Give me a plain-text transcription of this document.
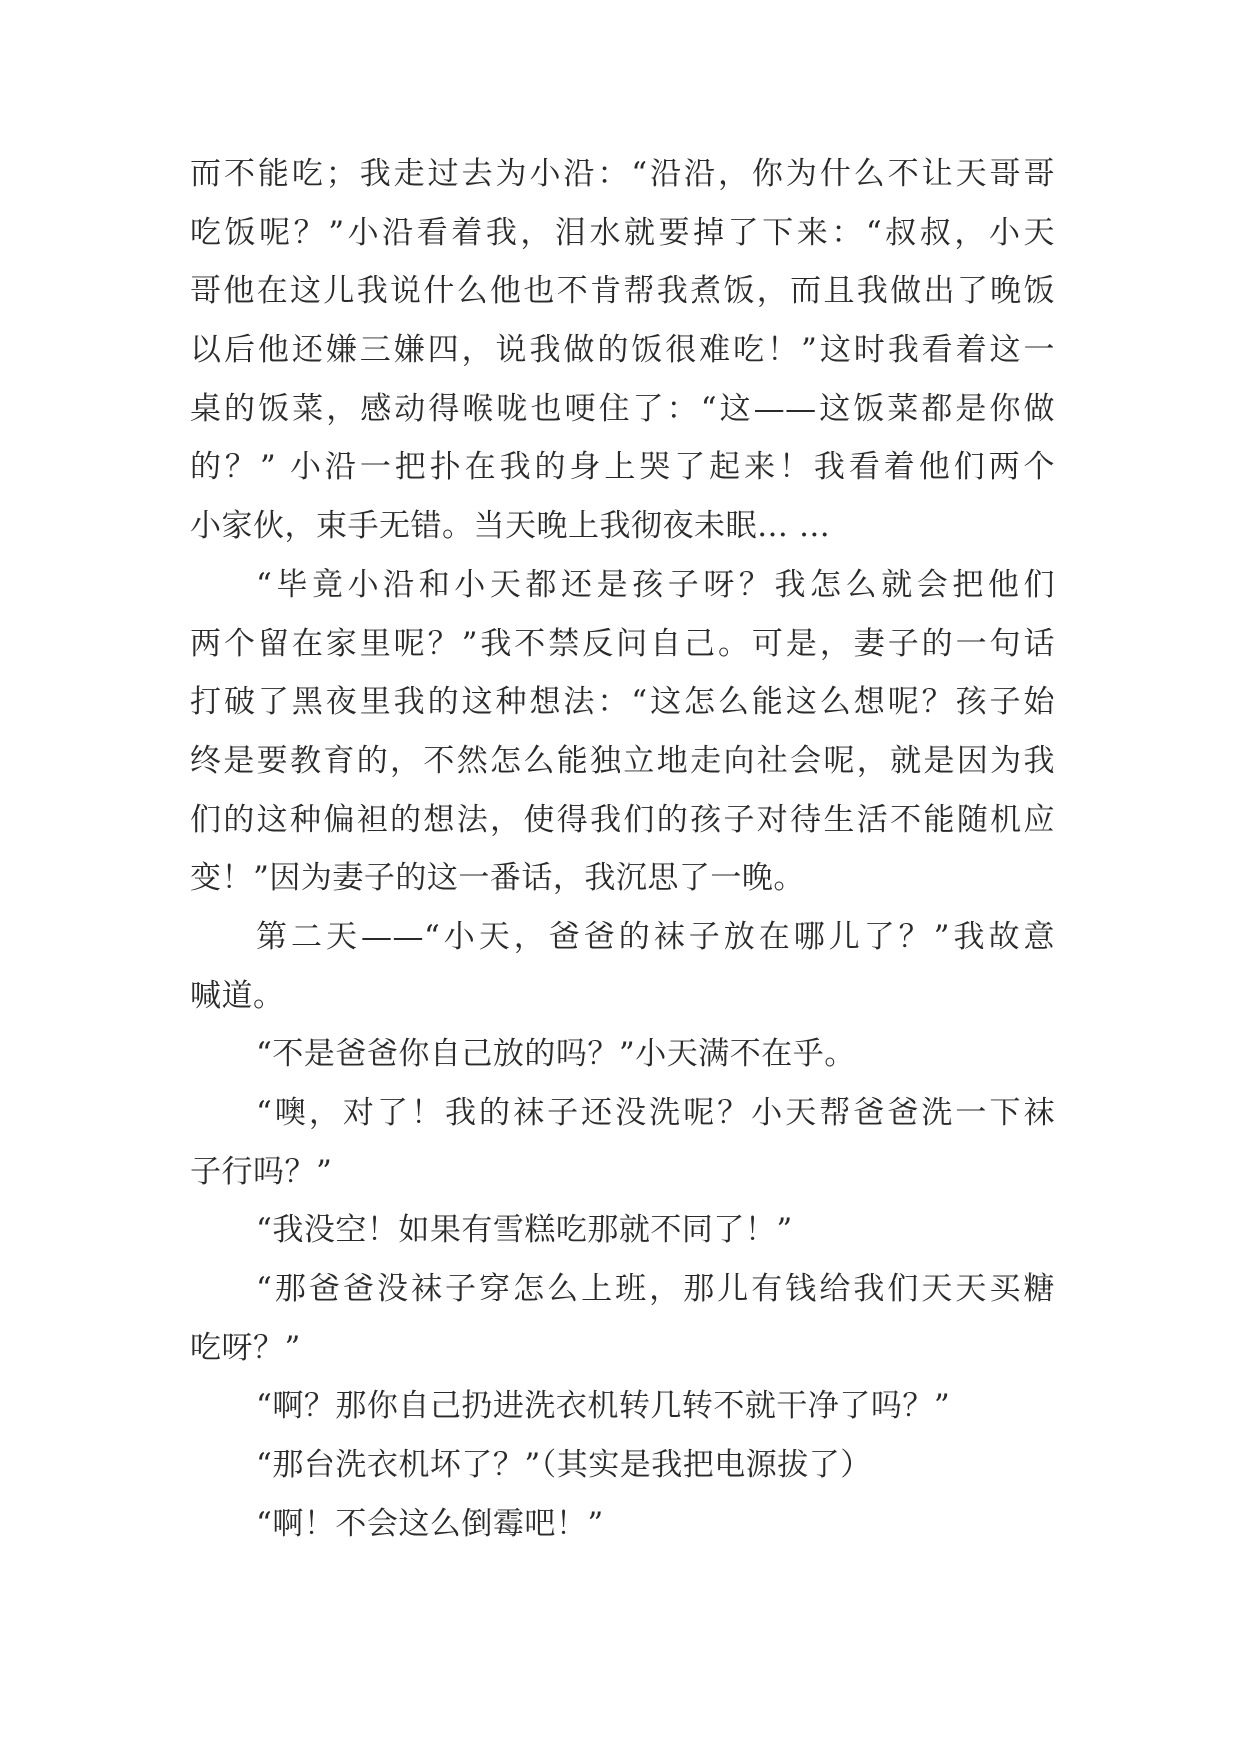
而不能吃；我走过去为小沿：“沿沿，你为什么不让天哥哥
吃饭呢？”小沿看着我，泪水就要掉了下来：“叔叔，小天
哥他在这儿我说什么他也不肯帮我煮饭，而且我做出了晚饭
以后他还嫌三嫌四，说我做的饭很难吃！”这时我看着这一
桌的饭菜，感动得喉咙也哽住了：“这——这饭菜都是你做
的？” 小沿一把扑在我的身上哭了起来！我看着他们两个
小家伙，束手无错。当天晚上我彻夜未眠… …
“毕竟小沿和小天都还是孩子呀？我怎么就会把他们
两个留在家里呢？”我不禁反问自己。可是，妻子的一句话
打破了黑夜里我的这种想法：“这怎么能这么想呢？孩子始
终是要教育的，不然怎么能独立地走向社会呢，就是因为我
们的这种偏袒的想法，使得我们的孩子对待生活不能随机应
变！”因为妻子的这一番话，我沉思了一晚。
第二天——“小天，爸爸的袜子放在哪儿了？”我故意
喊道。
“不是爸爸你自己放的吗？”小天满不在乎。
“噢，对了！我的袜子还没洗呢？小天帮爸爸洗一下袜
子行吗？”
“我没空！如果有雪糕吃那就不同了！”
“那爸爸没袜子穿怎么上班，那儿有钱给我们天天买糖
吃呀？”
“啊？那你自己扔进洗衣机转几转不就干净了吗？”
“那台洗衣机坏了？”（其实是我把电源拔了）
“啊！不会这么倒霉吧！”
